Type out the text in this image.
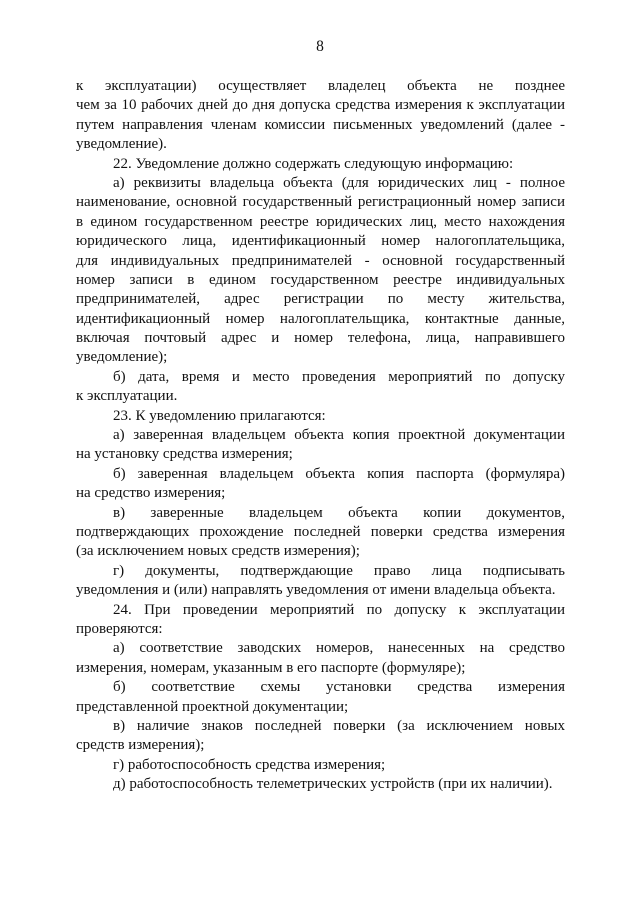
8
к эксплуатации) осуществляет владелец объекта не позднее
чем за 10 рабочих дней до дня допуска средства измерения к эксплуатации
путем направления членам комиссии письменных уведомлений (далее -
уведомление).
22. Уведомление должно содержать следующую информацию:
а) реквизиты владельца объекта (для юридических лиц - полное
наименование, основной государственный регистрационный номер записи
в едином государственном реестре юридических лиц, место нахождения
юридического лица, идентификационный номер налогоплательщика,
для индивидуальных предпринимателей - основной государственный
номер записи в едином государственном реестре индивидуальных
предпринимателей, адрес регистрации по месту жительства,
идентификационный номер налогоплательщика, контактные данные,
включая почтовый адрес и номер телефона, лица, направившего
уведомление);
б) дата, время и место проведения мероприятий по допуску
к эксплуатации.
23. К уведомлению прилагаются:
а) заверенная владельцем объекта копия проектной документации
на установку средства измерения;
б) заверенная владельцем объекта копия паспорта (формуляра)
на средство измерения;
в) заверенные владельцем объекта копии документов,
подтверждающих прохождение последней поверки средства измерения
(за исключением новых средств измерения);
г) документы, подтверждающие право лица подписывать
уведомления и (или) направлять уведомления от имени владельца объекта.
24. При проведении мероприятий по допуску к эксплуатации
проверяются:
а) соответствие заводских номеров, нанесенных на средство
измерения, номерам, указанным в его паспорте (формуляре);
б) соответствие схемы установки средства измерения
представленной проектной документации;
в) наличие знаков последней поверки (за исключением новых
средств измерения);
г) работоспособность средства измерения;
д) работоспособность телеметрических устройств (при их наличии).
